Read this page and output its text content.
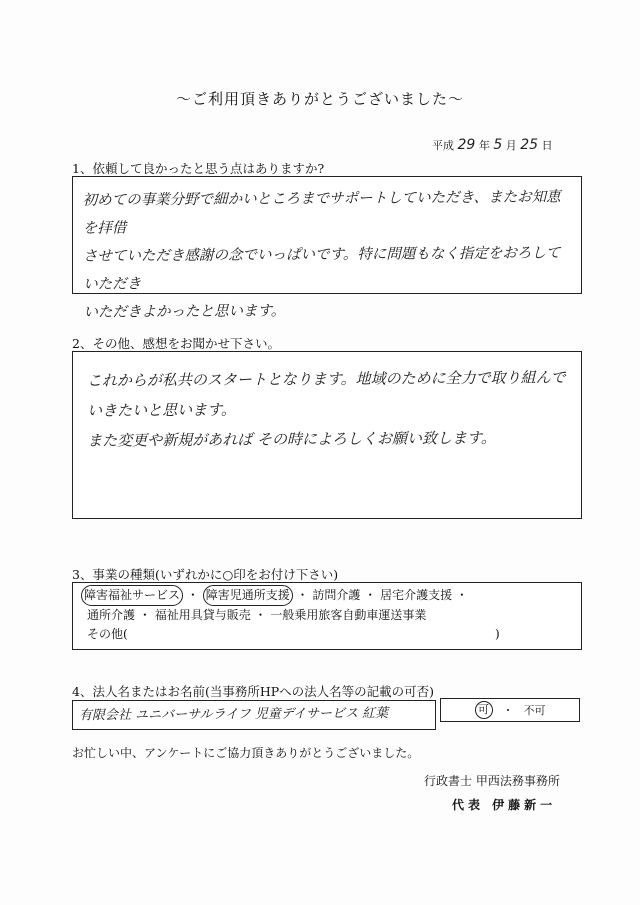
～ご利用頂きありがとうございました～
平成 29 年 5 月 25 日
1、依頼して良かったと思う点はありますか?
初めての事業分野で細かいところまでサポートしていただき、またお知恵を拝借
させていただき感謝の念でいっぱいです。特に問題もなく指定をおろしていただき
いただきよかったと思います。
2、その他、感想をお聞かせ下さい。
これからが私共のスタートとなります。地域のために全力で取り組んで
いきたいと思います。
また変更や新規があれば その時によろしくお願い致します。
3、事業の種類(いずれかに○印をお付け下さい)
障害福祉サービス ・ 障害児通所支援 ・ 訪問介護 ・ 居宅介護支援 ・
通所介護 ・ 福祉用具貸与販売 ・ 一般乗用旅客自動車運送事業
その他(	)
4、法人名またはお名前(当事務所HPへの法人名等の記載の可否)
有限会社 ユニバーサルライフ 児童デイサービス 紅葉	可	・ 不可
お忙しい中、アンケートにご協力頂きありがとうございました。
行政書士 甲西法務事務所
代表 伊藤新一
